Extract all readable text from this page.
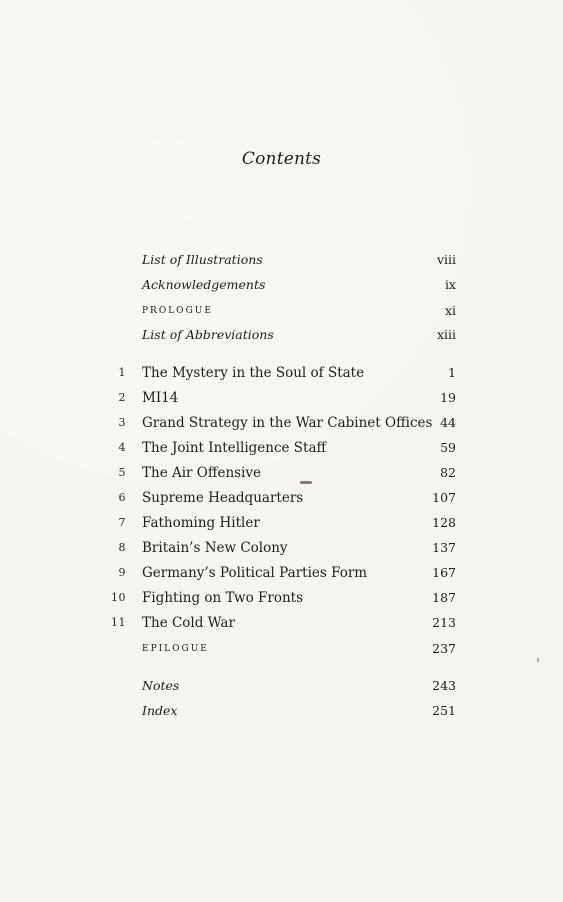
Contents
List of Illustrations	viii
Acknowledgements	ix
PROLOGUE	xi
List of Abbreviations	xiii
1 The Mystery in the Soul of State	1
2 MI14	19
3 Grand Strategy in the War Cabinet Offices 44
4 The Joint Intelligence Staff	59
5 The Air Offensive	82
6 Supreme Headquarters	107
7 Fathoming Hitler	128
8 Britain’s New Colony	137
9 Germany’s Political Parties Form	167
10 Fighting on Two Fronts	187
11 The Cold War	213
EPILOGUE	237
Notes	243
Index	251
